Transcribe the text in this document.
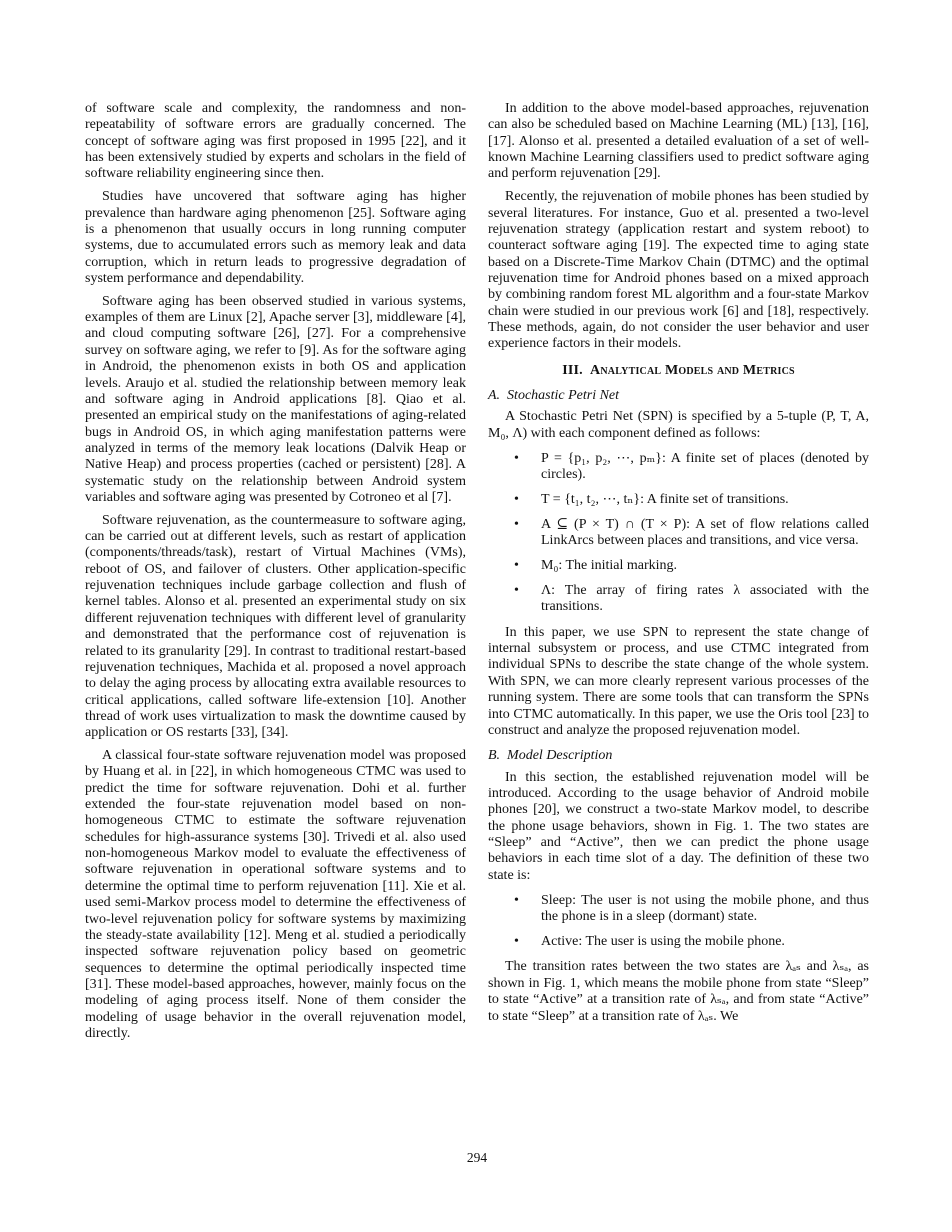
of software scale and complexity, the randomness and non-repeatability of software errors are gradually concerned. The concept of software aging was first proposed in 1995 [22], and it has been extensively studied by experts and scholars in the field of software reliability engineering since then.

Studies have uncovered that software aging has higher prevalence than hardware aging phenomenon [25]. Software aging is a phenomenon that usually occurs in long running computer systems, due to accumulated errors such as memory leak and data corruption, which in return leads to progressive degradation of system performance and dependability.

Software aging has been observed studied in various systems, examples of them are Linux [2], Apache server [3], middleware [4], and cloud computing software [26], [27]. For a comprehensive survey on software aging, we refer to [9]. As for the software aging in Android, the phenomenon exists in both OS and application levels. Araujo et al. studied the relationship between memory leak and software aging in Android applications [8]. Qiao et al. presented an empirical study on the manifestations of aging-related bugs in Android OS, in which aging manifestation patterns were analyzed in terms of the memory leak locations (Dalvik Heap or Native Heap) and process properties (cached or persistent) [28]. A systematic study on the relationship between Android system variables and software aging was presented by Cotroneo et al [7].

Software rejuvenation, as the countermeasure to software aging, can be carried out at different levels, such as restart of application (components/threads/task), restart of Virtual Machines (VMs), reboot of OS, and failover of clusters. Other application-specific rejuvenation techniques include garbage collection and flush of kernel tables. Alonso et al. presented an experimental study on six different rejuvenation techniques with different level of granularity and demonstrated that the performance cost of rejuvenation is related to its granularity [29]. In contrast to traditional restart-based rejuvenation techniques, Machida et al. proposed a novel approach to delay the aging process by allocating extra available resources to critical applications, called software life-extension [10]. Another thread of work uses virtualization to mask the downtime caused by application or OS restarts [33], [34].

A classical four-state software rejuvenation model was proposed by Huang et al. in [22], in which homogeneous CTMC was used to predict the time for software rejuvenation. Dohi et al. further extended the four-state rejuvenation model based on non-homogeneous CTMC to estimate the software rejuvenation schedules for high-assurance systems [30]. Trivedi et al. also used non-homogeneous Markov model to evaluate the effectiveness of software rejuvenation in operational software systems and to determine the optimal time to perform rejuvenation [11]. Xie et al. used semi-Markov process model to determine the effectiveness of two-level rejuvenation policy for software systems by maximizing the steady-state availability [12]. Meng et al. studied a periodically inspected software rejuvenation policy based on geometric sequences to determine the optimal periodically inspected time [31]. These model-based approaches, however, mainly focus on the modeling of aging process itself. None of them consider the modeling of usage behavior in the overall rejuvenation model, directly.

In addition to the above model-based approaches, rejuvenation can also be scheduled based on Machine Learning (ML) [13], [16], [17]. Alonso et al. presented a detailed evaluation of a set of well-known Machine Learning classifiers used to predict software aging and perform rejuvenation [29].

Recently, the rejuvenation of mobile phones has been studied by several literatures. For instance, Guo et al. presented a two-level rejuvenation strategy (application restart and system reboot) to counteract software aging [19]. The expected time to aging state based on a Discrete-Time Markov Chain (DTMC) and the optimal rejuvenation time for Android phones based on a mixed approach by combining random forest ML algorithm and a four-state Markov chain were studied in our previous work [6] and [18], respectively. These methods, again, do not consider the user behavior and user experience factors in their models.

III. Analytical Models and Metrics
A. Stochastic Petri Net

A Stochastic Petri Net (SPN) is specified by a 5-tuple (P, T, A, M₀, Λ) with each component defined as follows:

• P = {p₁, p₂, ⋯, pₘ}: A finite set of places (denoted by circles).
• T = {t₁, t₂, ⋯, tₙ}: A finite set of transitions.
• A ⊆ (P × T) ∩ (T × P): A set of flow relations called LinkArcs between places and transitions, and vice versa.
• M₀: The initial marking.
• Λ: The array of firing rates λ associated with the transitions.

In this paper, we use SPN to represent the state change of internal subsystem or process, and use CTMC integrated from individual SPNs to describe the state change of the whole system. With SPN, we can more clearly represent various processes of the running system. There are some tools that can transform the SPNs into CTMC automatically. In this paper, we use the Oris tool [23] to construct and analyze the proposed rejuvenation model.

B. Model Description

In this section, the established rejuvenation model will be introduced. According to the usage behavior of Android mobile phones [20], we construct a two-state Markov model, to describe the phone usage behaviors, shown in Fig. 1. The two states are “Sleep” and “Active”, then we can predict the phone usage behaviors in each time slot of a day. The definition of these two state is:

• Sleep: The user is not using the mobile phone, and thus the phone is in a sleep (dormant) state.
• Active: The user is using the mobile phone.

The transition rates between the two states are λₐₛ and λₛₐ, as shown in Fig. 1, which means the mobile phone from state “Sleep” to state “Active” at a transition rate of λₛₐ, and from state “Active” to state “Sleep” at a transition rate of λₐₛ. We

294
